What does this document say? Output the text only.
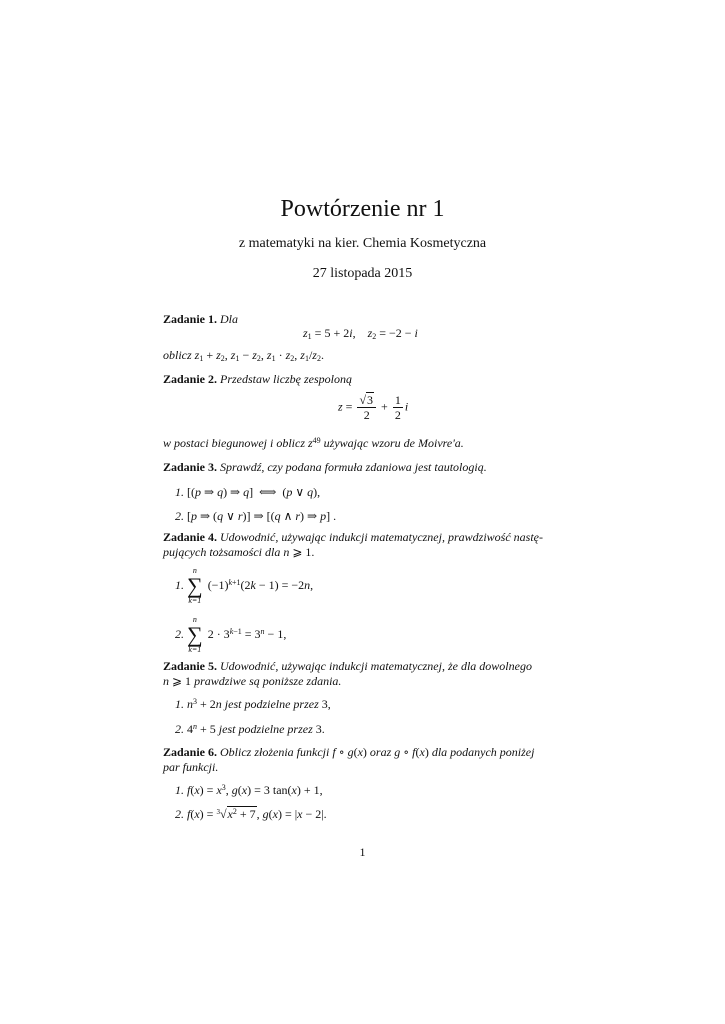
Powtórzenie nr 1
z matematyki na kier. Chemia Kosmetyczna
27 listopada 2015
Zadanie 1. Dla
$z_1 = 5 + 2i$,    $z_2 = -2 - i$
oblicz $z_1 + z_2$, $z_1 - z_2$, $z_1 \cdot z_2$, $z_1/z_2$.
Zadanie 2. Przedstaw liczbę zespoloną
$z = \frac{√3}{2} + \frac{1}{2}$ i
w postaci biegunowej i oblicz $z^{49}$ używając wzoru de Moivre'a.
Zadanie 3. Sprawdź, czy podana formuła zdaniowa jest tautologią.
1. [(p ⇒ q) ⇒ q]  ⟺  (p ∨ q),
2. [p ⇒ (q ∨ r)] ⇒ [(q ∧ r) ⇒ p] .
Zadanie 4. Udowodnić, używając indukcji matematycznej, prawdziwość nastę-
pujących tożsamości dla n ⩾ 1.
1.
n
∑
k=1
$(-1)^{k+1}(2k - 1) = -2n$,
2.
n
∑
k=1
$2 \cdot 3^{k-1} = 3^n - 1$,
Zadanie 5. Udowodnić, używając indukcji matematycznej, że dla dowolnego
n ⩾ 1 prawdziwe są poniższe zdania.
1. $n^3 + 2n$ jest podzielne przez 3,
2. $4^n + 5$ jest podzielne przez 3.
Zadanie 6. Oblicz złożenia funkcji f ∘ g(x) oraz g ∘ f(x) dla podanych poniżej
par funkcji.
1. $f(x) = x^3$, g(x) = 3 tan(x) + 1,
2. $f(x) = ^3√x^2 + 7$, g(x) = |x − 2|.
1
